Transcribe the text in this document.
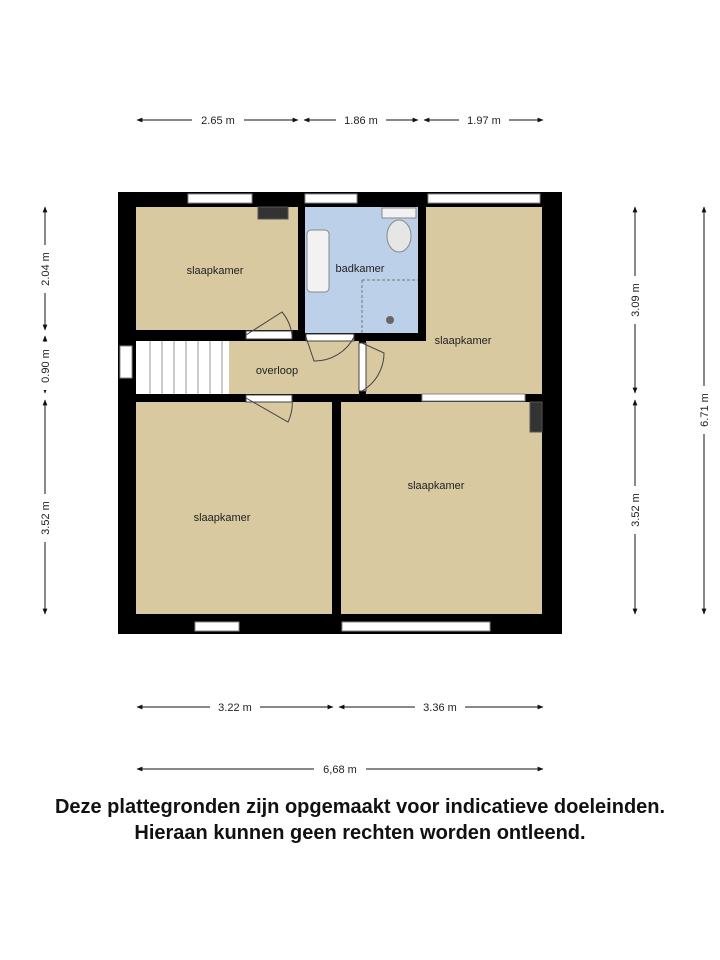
2.65 m	1.86 m	1.97 m
2.04 m
0.90 m
3.52 m
3.09 m
3.52 m
6.71 m
3.22 m	3.36 m
6,68 m
slaapkamer	badkamer
slaapkamer
overloop
slaapkamer
slaapkamer
Deze plattegronden zijn opgemaakt voor indicatieve doeleinden.
Hieraan kunnen geen rechten worden ontleend.
